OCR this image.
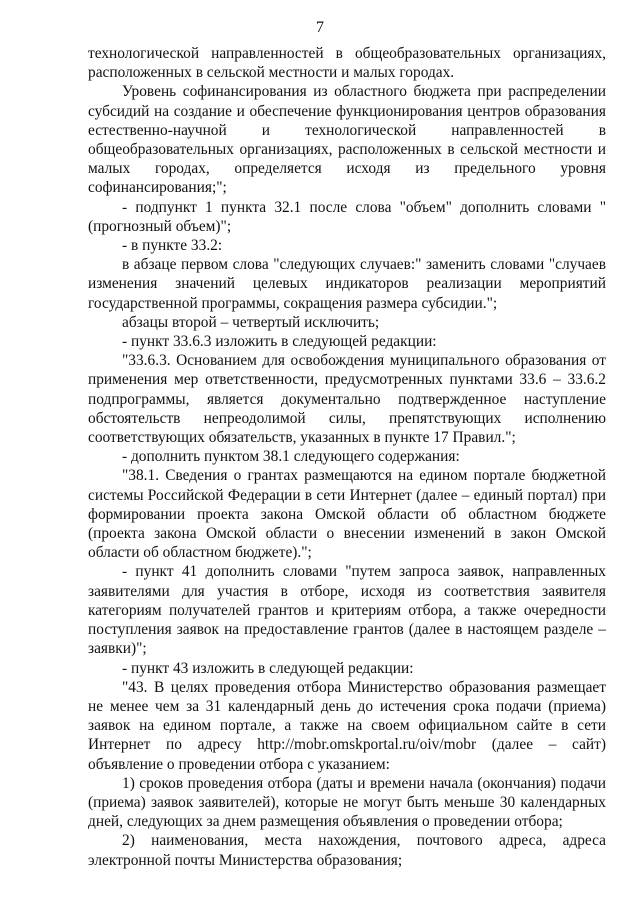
7

технологической направленностей в общеобразовательных организациях, расположенных в сельской местности и малых городах.

Уровень софинансирования из областного бюджета при распределении субсидий на создание и обеспечение функционирования центров образования естественно-научной и технологической направленностей в общеобразовательных организациях, расположенных в сельской местности и малых городах, определяется исходя из предельного уровня софинансирования;";

- подпункт 1 пункта 32.1 после слова "объем" дополнить словами "(прогнозный объем)";

- в пункте 33.2:

в абзаце первом слова "следующих случаев:" заменить словами "случаев изменения значений целевых индикаторов реализации мероприятий государственной программы, сокращения размера субсидии.";

абзацы второй – четвертый исключить;

- пункт 33.6.3 изложить в следующей редакции:

"33.6.3. Основанием для освобождения муниципального образования от применения мер ответственности, предусмотренных пунктами 33.6 – 33.6.2 подпрограммы, является документально подтвержденное наступление обстоятельств непреодолимой силы, препятствующих исполнению соответствующих обязательств, указанных в пункте 17 Правил.";

- дополнить пунктом 38.1 следующего содержания:

"38.1. Сведения о грантах размещаются на едином портале бюджетной системы Российской Федерации в сети Интернет (далее – единый портал) при формировании проекта закона Омской области об областном бюджете (проекта закона Омской области о внесении изменений в закон Омской области об областном бюджете).";

- пункт 41 дополнить словами "путем запроса заявок, направленных заявителями для участия в отборе, исходя из соответствия заявителя категориям получателей грантов и критериям отбора, а также очередности поступления заявок на предоставление грантов (далее в настоящем разделе – заявки)";

- пункт 43 изложить в следующей редакции:

"43. В целях проведения отбора Министерство образования размещает не менее чем за 31 календарный день до истечения срока подачи (приема) заявок на едином портале, а также на своем официальном сайте в сети Интернет по адресу http://mobr.omskportal.ru/oiv/mobr (далее – сайт) объявление о проведении отбора с указанием:

1) сроков проведения отбора (даты и времени начала (окончания) подачи (приема) заявок заявителей), которые не могут быть меньше 30 календарных дней, следующих за днем размещения объявления о проведении отбора;

2) наименования, места нахождения, почтового адреса, адреса электронной почты Министерства образования;
